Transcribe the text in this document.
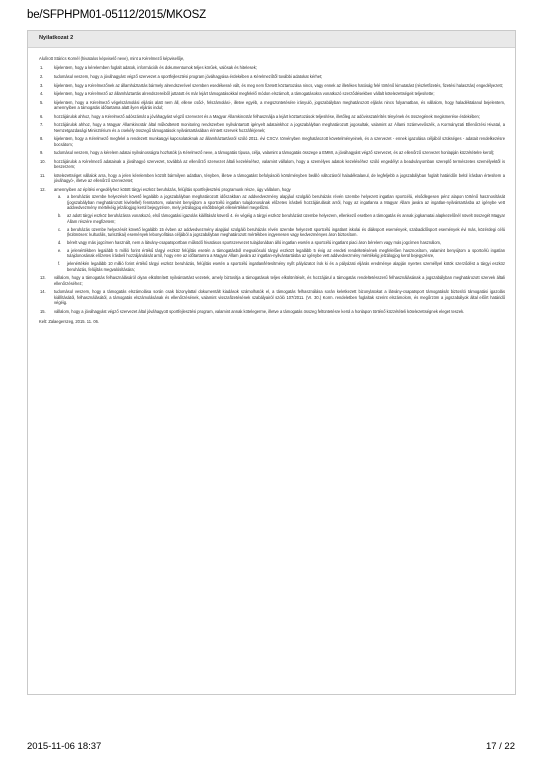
be/SFPHPM01-05112/2015/MKOSZ
Nyilatkozat 2

Alulírott Stárics Kornél (hivatalos képviselő neve), mint a Kérelmező képviselője,

1.	kijelentem, hogy a kérelemben foglalt adatok, információk és dokumentumok teljes körűek, valósak és hitelesek;
2.	tudomásul veszem, hogy a jóváhagyást végző szervezet a sportfejlesztési program jóváhagyása érdekében a Kérelmezőtől további adatokat kérhet;
3.	kijelentem, hogy a Kérelmezőnek az államháztartás bármely alrendszerével szemben esedékessé vált, és meg nem fizetett köztartozása nincs, vagy ennek az illetékes hatóság felé történő kimutatást (részletfizetés, fizetési halasztás) engedélyezett;
4.	kijelentem, hogy a Kérelmező az államháztartás alrendszereiből juttatott és már lejárt támogatásokkal megfelelő módon elszámolt, a támogatásokra vonatkozó szerződésekben vállalt kötelezettségeit teljesítette;
5.	kijelentem, hogy a Kérelmező végelszámolási eljárás alatt nem áll, ellene csőd-, felszámolási-, illetve egyéb, a megszüntetésére irányuló, jogszabályban meghatározott eljárás nincs folyamatban, és vállalom, hogy haladéktalanul bejelentem, amennyiben a támogatás időtartama alatt ilyen eljárás indul;
6.	hozzájárulok ahhoz, hogy a Kérelmező adószámát a jóváhagyást végző szervezet és a Magyar Államkincstár felhasználja a lejárt köztartozások teljesítése, illetőleg az adóvisszatérítés tényének és összegének megismerése érdekében;
7.	hozzájárulok ahhoz, hogy a Magyar Államkincstár által működtetett monitoring rendszerben nyilvántartott igényelt adatainkhoz a jogszabályban meghatározott jogosultak, valamint az Állami Számvevőszék, a Kormányzati Ellenőrzési Hivatal, a Nemzetgazdasági Minisztérium és a csekély összegű támogatások nyilvántartásában érintett szervek hozzáférjenek;
8.	kijelentem, hogy a Kérelmező megfelel a rendezett munkaügyi kapcsolatoknak az államháztartásról szóló 2011. évi CXCV. törvényben meghatározott követelményeinek, és a szervezet - ennek igazolása céljából szükséges - adatait rendelkezésre bocsátom;
9.	tudomásul veszem, hogy a kérelem adatai nyilvánosságra hozhatók (a Kérelmező neve, a támogatás típusa, célja, valamint a támogatás összege a EMMI, a jóváhagyást végző szervezet, és az ellenőrző szervezet honlapján közzétételre kerül);
10. hozzájárulok a Kérelmező adatainak a jóváhagyó szervezet, továbbá az ellenőrző szervezet általi kezeléséhez, valamint vállalom, hogy a személyes adatok kezeléséhez szóló engedélyt a beadványomban szereplő természetes személyektől is beszerzem;
11. kötelezettséget vállalok arra, hogy a jelen kérelemben közölt bármilyen adatban, tényben, illetve a támogatást befolyásoló körülményben beálló változásról haladéktalanul, de legfeljebb a jogszabályban foglalt határidőn belül írásban értesítem a jóváhagyó-, illetve az ellenőrző szervezetet;
12. amennyiben az építési engedélyhez kötött tárgyi eszköz beruházás, felújítás sportfejlesztési programunk része, úgy vállalom, hogy
a. a beruházás üzembe helyezését követő legalább a jogszabályban meghatározott időszakban az addvedvezmény alapjául szolgáló beruházás révén üzembe helyezett ingatlan sportcélú, elsődlegesen pénz alapon történő hasznosítását (jogszabályban meghatározott kivétellel) fenntartom, valamint benyújtom a sportcélú ingatlan tulajdonosának előzetes írásbeli hozzájárulását arról, hogy az ingatlanra a Magyar Állam javára az ingatlan-nyilvántartásba az igénybe vett addvedvezmény mértékéig jelzálogjog kerül bejegyzésre, mely jelzálogjoq elsőbbségét ellenértékkel megelőzni.
b. az adott tárgyi eszköz beruházásra vonatkozó, első támogatási igazolás kiállítását követő 4. év végéig a tárgyi eszköz beruházást üzembe helyezem, ellenkező esetben a támogatás és annak jogkamatai alapkezelőnél növelt összegét Magyar Állam részére megfizetem;
c. a beruházás üzembe helyezését követő legalább 15 évben az addvedvezmény alapjául szolgáló beruházás révén üzembe helyezett sportcélú ingatlant iskolai és diáksport események, szabadidősport események évi más, közérdegi célú (különösen: kulturális, turisztikai) események lebonyolítása céljából a jogszabályban meghatározott mértékben ingyenesen vagy kedvezményes áron biztosítom.
d. bérelt vagy más jogcímen használt, nem a látvány-csapatsportban működő hivatásos sportszervezet tulajdonában álló ingatlan esetén a sportcélú ingatlant piaci áron bérelem vagy más jogcímen használom,
e. a jelenértékben legalább 5 millió forint értékű tárgyi eszköz felújítás esetén a támogatásból megvalósuló tárgyi eszközt legalább 5 évig az eredeti rendeltetésének megfelelően hasznosítom, valamint benyújtom a sportcélú ingatlan tulajdonosának előzetes írásbeli hozzájárulását arról, hogy erre az időtartamra a Magyar Állam javára az ingatlan-nyilvántartásba az igénybe vett addvedvezmény mértékéig jelzálogjog kerül bejegyzésre,
f. jelenértékén legalább 10 millió forint értékű tárgyi eszköz beruházás, felújítás esetén a sportcélú ingatlan/létesítmény nyílt pályázatot írok ki és a pályázati eljárás eredménye alapján nyertes személlyel kötök szerződést a tárgyi eszköz beruházás, felújítás megvalósítására;
13. vállalom, hogy a támogatás felhasználásáról olyan elkülönített nyilvántartást vezetek, amely biztosítja a támogatások teljes elkülönítését, és hozzájárul a támogatás rendeltetésszerű felhasználásának a jogszabályban meghatározott szervek általi ellenőrzéséhez;
14. tudomásul veszem, hogy a támogatás elszámolása során csak bizonylattal dokumentált kiadások számolhatók el, a támogatás felhasználása során keletkezett bizonylatokat a látvány-csapatsport támogatását biztosító támogatási igazolás kiállításától, felhasználásától, a támogatás elszámolásának és ellenőrzésének, valamint visszafizetésének szabályairól szóló 107/2011. (VI. 30.) Korm. rendeletben foglaltak szerint elszámolom, és megőrzöm a jogszabályok által előírt határidő végéig.
15. vállalom, hogy a jóváhagyást végző szervezet által jóváhagyott sportfejlesztési program, valamint annak kötelegerme, illetve a támogatás összeg feltüntetésre kerül a honlapon történő közzétételi kötelezettségnek eleget teszek.

Kelt: Zalaegerszeg, 2015. 11. 06.

2015-11-06 18:37	17 / 22
